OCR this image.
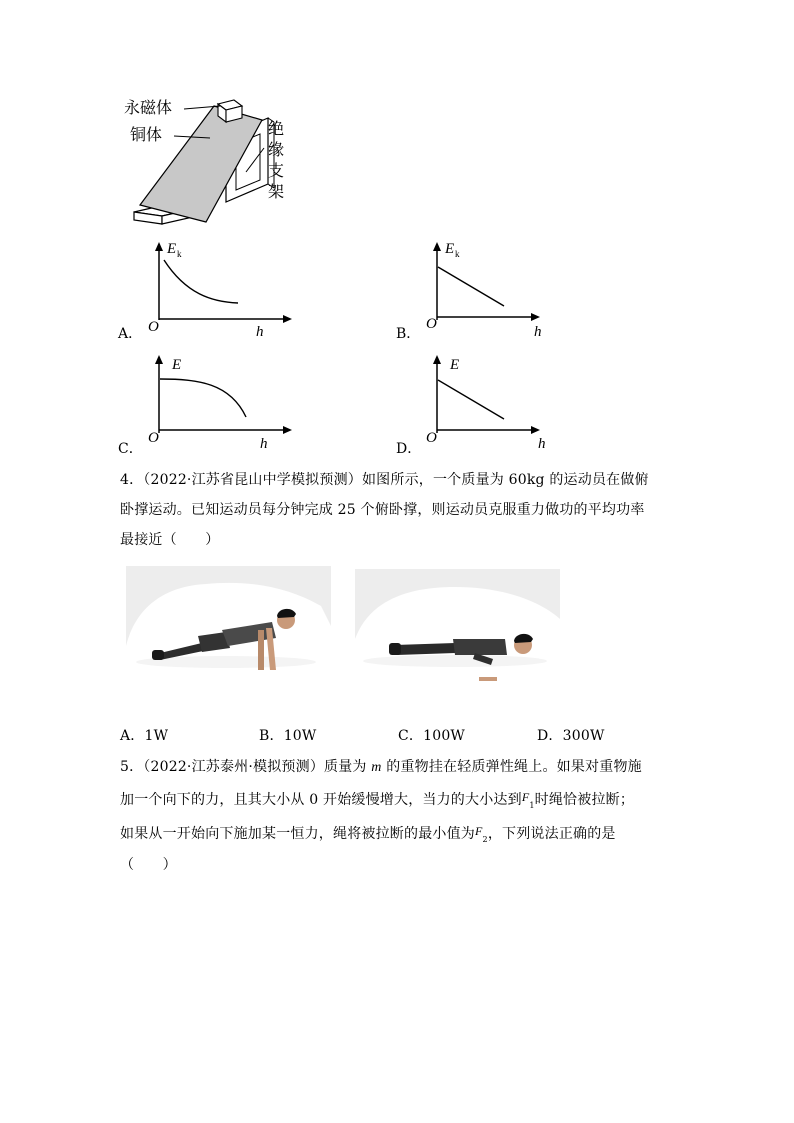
永磁体
铜体	绝
缘
支
架
A．
E k
O	h	B．
E k
O	h
C．
E
O	h	D．
E
O	h
4．（2022·江苏省昆山中学模拟预测）如图所示，一个质量为 60kg 的运动员在做俯
卧撑运动。已知运动员每分钟完成 25 个俯卧撑，则运动员克服重力做功的平均功率
最接近（　　）
A．1W	B．10W	C．100W	D．300W
5．（2022·江苏泰州·模拟预测）质量为 m 的重物挂在轻质弹性绳上。如果对重物施
加一个向下的力，且其大小从 0 开始缓慢增大，当力的大小达到$F_1$时绳恰被拉断；
如果从一开始向下施加某一恒力，绳将被拉断的最小值为$F_2$，下列说法正确的是
（　　）
